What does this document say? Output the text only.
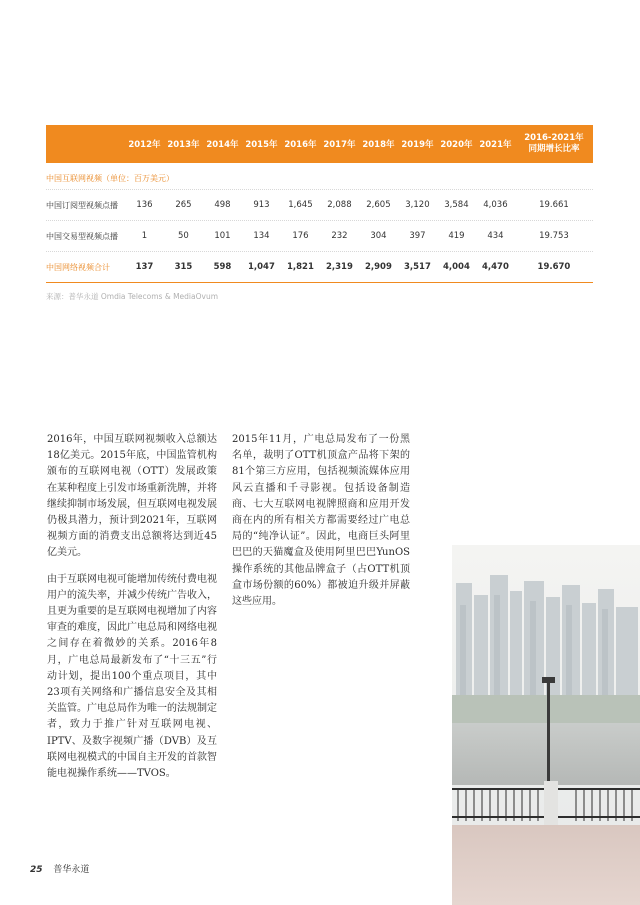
2012年 2013年 2014年 2015年 2016年 2017年 2018年 2019年 2020年 2021年
2016-2021年
同期增长比率
中国互联网视频（单位：百万美元）
中国订阅型视频点播	136	265	498	913	1,645	2,088	2,605	3,120	3,584	4,036	19.661
中国交易型视频点播	1	50	101	134	176	232	304	397	419	434	19.753
中国网络视频合计	137	315	598	1,047	1,821	2,319	2,909	3,517	4,004	4,470	19.670
来源：普华永道 Omdia Telecoms & MediaOvum

2016年，中国互联网视频收入总额达18亿美元。2015年底，中国监管机构颁布的互联网电视（OTT）发展政策在某种程度上引发市场重新洗牌，并将继续抑制市场发展，但互联网电视发展仍极具潜力，预计到2021年，互联网视频方面的消费支出总额将达到近45亿美元。

由于互联网电视可能增加传统付费电视用户的流失率，并减少传统广告收入，且更为重要的是互联网电视增加了内容审查的难度，因此广电总局和网络电视之间存在着微妙的关系。2016年8月，广电总局最新发布了“十三五”行动计划，提出100个重点项目，其中23项有关网络和广播信息安全及其相关监管。广电总局作为唯一的法规制定者，致力于推广针对互联网电视、IPTV、及数字视频广播（DVB）及互联网电视模式的中国自主开发的首款智能电视操作系统——TVOS。

2015年11月，广电总局发布了一份黑名单，裁明了OTT机顶盒产品将下架的81个第三方应用，包括视频流媒体应用风云直播和千寻影视。包括设备制造商、七大互联网电视牌照商和应用开发商在内的所有相关方都需要经过广电总局的“纯净认证”。因此，电商巨头阿里巴巴的天猫魔盒及使用阿里巴巴YunOS操作系统的其他品牌盒子（占OTT机顶盒市场份额的60%）都被迫升级并屏蔽这些应用。

25 普华永道
